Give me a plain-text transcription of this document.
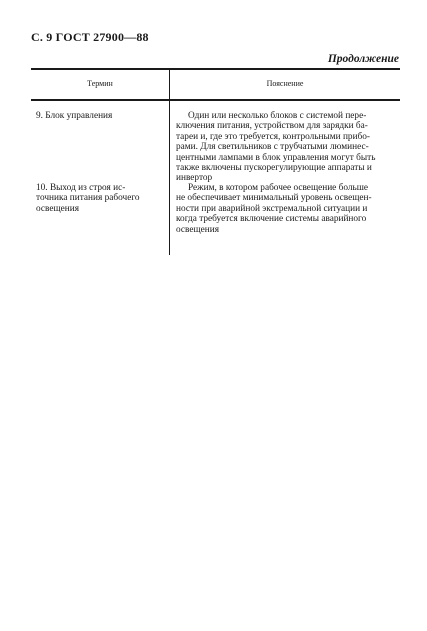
С. 9 ГОСТ 27900—88
Продолжение
Термин	Пояснение
9. Блок управления	Один или несколько блоков с системой пере-
ключения питания, устройством для зарядки ба-
тареи и, где это требуется, контрольными прибо-
рами. Для светильников с трубчатыми люминес-
центными лампами в блок управления могут быть
также включены пускорегулирующие аппараты и
инвертор
10. Выход из строя ис-
точника питания рабочего
освещения
Режим, в котором рабочее освещение больше
не обеспечивает минимальный уровень освещен-
ности при аварийной экстремальной ситуации и
когда требуется включение системы аварийного
освещения
